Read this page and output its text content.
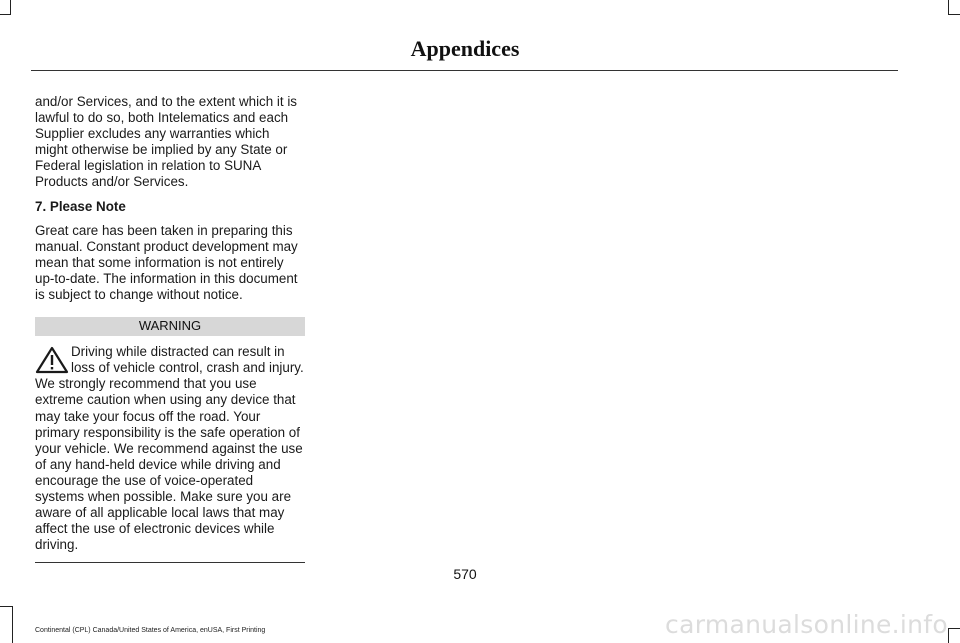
Appendices

and/or Services, and to the extent which it is lawful to do so, both Intelematics and each Supplier excludes any warranties which might otherwise be implied by any State or Federal legislation in relation to SUNA Products and/or Services.

7. Please Note

Great care has been taken in preparing this manual. Constant product development may mean that some information is not entirely up-to-date. The information in this document is subject to change without notice.

WARNING

Driving while distracted can result in loss of vehicle control, crash and injury. We strongly recommend that you use extreme caution when using any device that may take your focus off the road. Your primary responsibility is the safe operation of your vehicle. We recommend against the use of any hand-held device while driving and encourage the use of voice-operated systems when possible. Make sure you are aware of all applicable local laws that may affect the use of electronic devices while driving.

570
Continental (CPL) Canada/United States of America, enUSA, First Printing	carmanualsonline.info
